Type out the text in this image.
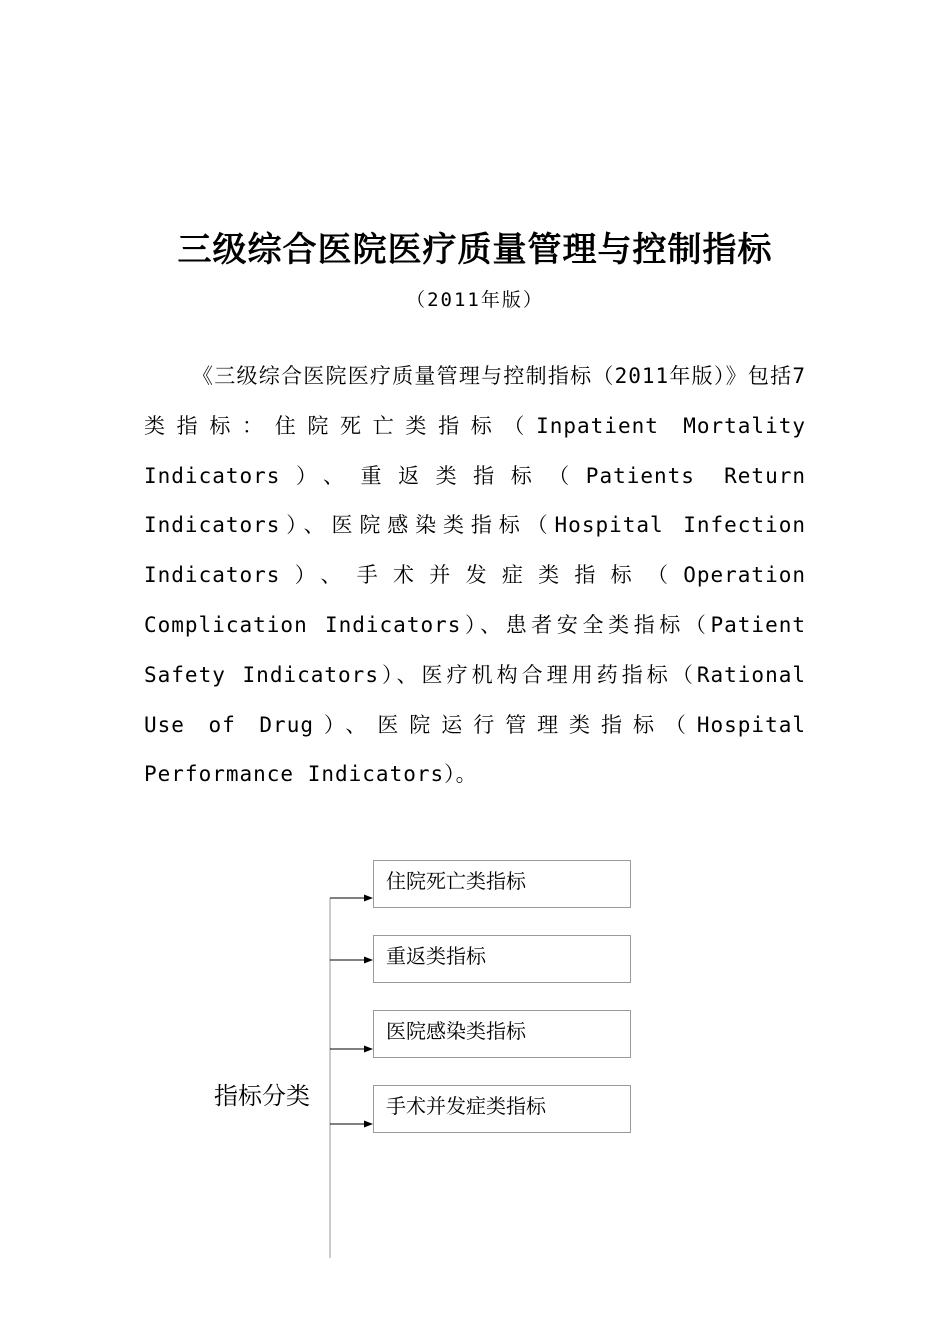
三级综合医院医疗质量管理与控制指标

（2011年版）

《三级综合医院医疗质量管理与控制指标（2011年版）》包括7类指标：住院死亡类指标（Inpatient Mortality Indicators）、重返类指标（Patients Return Indicators）、医院感染类指标（Hospital Infection Indicators）、手术并发症类指标（Operation Complication Indicators）、患者安全类指标（Patient Safety Indicators）、医疗机构合理用药指标（Rational Use of Drug）、医院运行管理类指标（Hospital Performance Indicators）。

指标分类
住院死亡类指标
重返类指标
医院感染类指标
手术并发症类指标
